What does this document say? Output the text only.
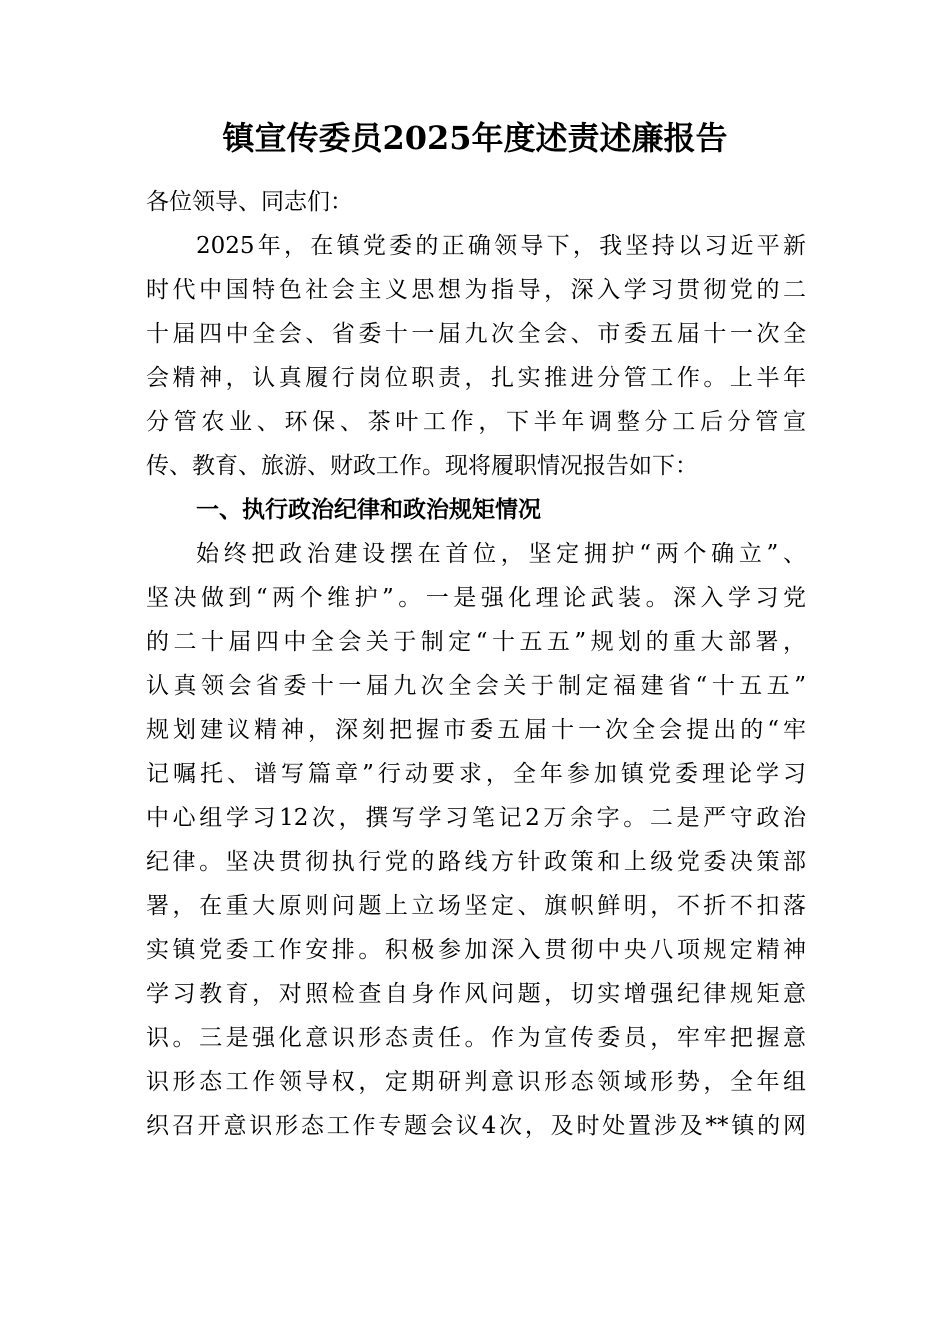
镇宣传委员2025年度述责述廉报告
各位领导、同志们：
2025年，在镇党委的正确领导下，我坚持以习近平新
时代中国特色社会主义思想为指导，深入学习贯彻党的二
十届四中全会、省委十一届九次全会、市委五届十一次全
会精神，认真履行岗位职责，扎实推进分管工作。上半年
分管农业、环保、茶叶工作，下半年调整分工后分管宣
传、教育、旅游、财政工作。现将履职情况报告如下：
一、执行政治纪律和政治规矩情况
始终把政治建设摆在首位，坚定拥护“两个确立”、
坚决做到“两个维护”。一是强化理论武装。深入学习党
的二十届四中全会关于制定“十五五”规划的重大部署，
认真领会省委十一届九次全会关于制定福建省“十五五”
规划建议精神，深刻把握市委五届十一次全会提出的“牢
记嘱托、谱写篇章”行动要求，全年参加镇党委理论学习
中心组学习12次，撰写学习笔记2万余字。二是严守政治
纪律。坚决贯彻执行党的路线方针政策和上级党委决策部
署，在重大原则问题上立场坚定、旗帜鲜明，不折不扣落
实镇党委工作安排。积极参加深入贯彻中央八项规定精神
学习教育，对照检查自身作风问题，切实增强纪律规矩意
识。三是强化意识形态责任。作为宣传委员，牢牢把握意
识形态工作领导权，定期研判意识形态领域形势，全年组
织召开意识形态工作专题会议4次，及时处置涉及**镇的网
